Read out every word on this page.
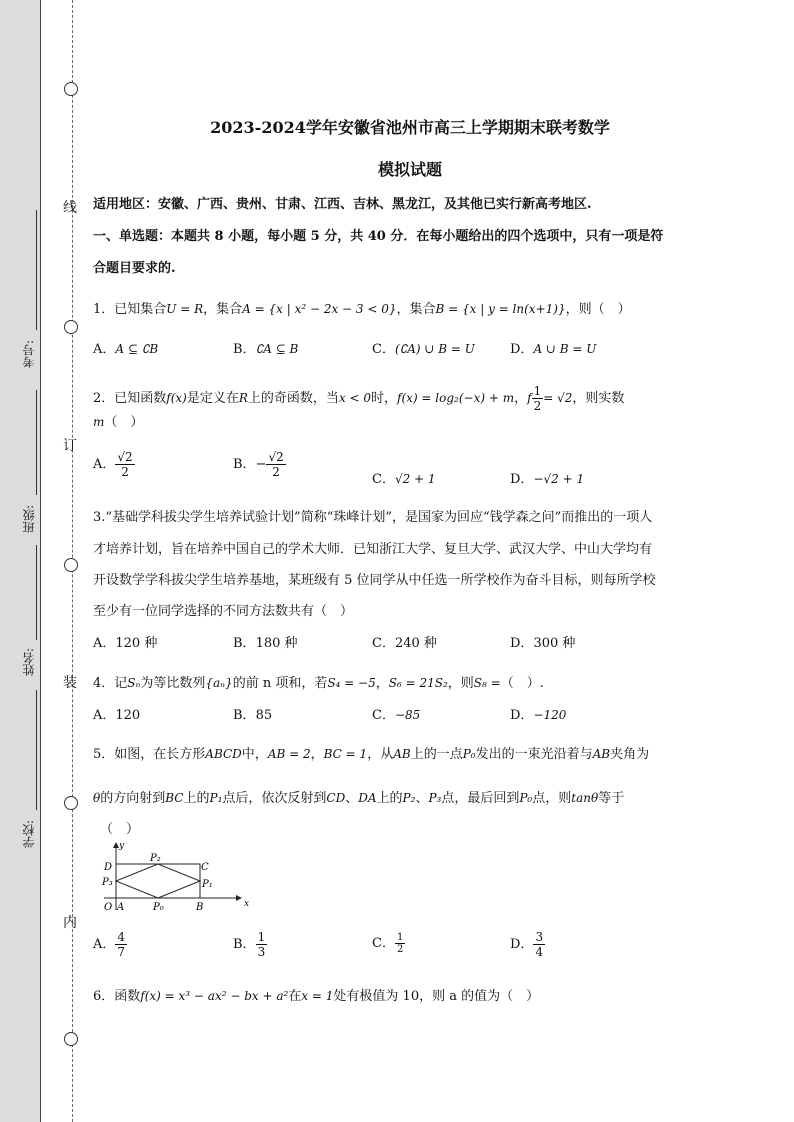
线
订
装
内
考号:
班级:
姓名:
学校:
2023-2024学年安徽省池州市高三上学期期末联考数学
模拟试题
适用地区：安徽、广西、贵州、甘肃、江西、吉林、黑龙江，及其他已实行新高考地区.
一、单选题：本题共 8 小题，每小题 5 分，共 40 分．在每小题给出的四个选项中，只有一项是符
合题目要求的.
1．已知集合U = R，集合A = {x | x² − 2x − 3 < 0}，集合B = {x | y = ln(x+1)}，则（　）
A．A ⊆ ∁B	B．∁A ⊆ B	C．(∁A) ∪ B = U	D．A ∪ B = U
2．已知函数f(x)是定义在R上的奇函数，当x < 0时，f(x) = log₂(−x) + m，f $\frac{1}{2} = √2$，则实数
m（　）
A． $\frac{√2}{2}$	B．− $\frac{√2}{2}$
C．√2 + 1	D．−√2 + 1
3.“基础学科拔尖学生培养试验计划”简称“珠峰计划”，是国家为回应“钱学森之问”而推出的一项人
才培养计划，旨在培养中国自己的学术大师．已知浙江大学、复旦大学、武汉大学、中山大学均有
开设数学学科拔尖学生培养基地，某班级有 5 位同学从中任选一所学校作为奋斗目标，则每所学校
至少有一位同学选择的不同方法数共有（　）
A．120 种	B．180 种	C．240 种	D．300 种
4．记Sₙ为等比数列{aₙ}的前 n 项和，若S₄ = −5，S₆ = 21S₂，则S₈ =（　）.
A．120	B．85	C．−85	D．−120
5．如图，在长方形ABCD中，AB = 2，BC = 1，从AB上的一点P₀发出的一束光沿着与AB夹角为
θ的方向射到BC上的P₁点后，依次反射到CD、DA上的P₂、P₃点，最后回到P₀点，则tanθ等于
（　）
y
x
O A	B
C
D
P₀
P₁
P₂
P₃
A． $\frac{4}{7}$	B． $\frac{1}{3}$	C． $\frac{1}{2}$	D． $\frac{3}{4}$
6．函数f(x) = x³ − ax² − bx + a²在x = 1处有极值为 10，则 a 的值为（　）
